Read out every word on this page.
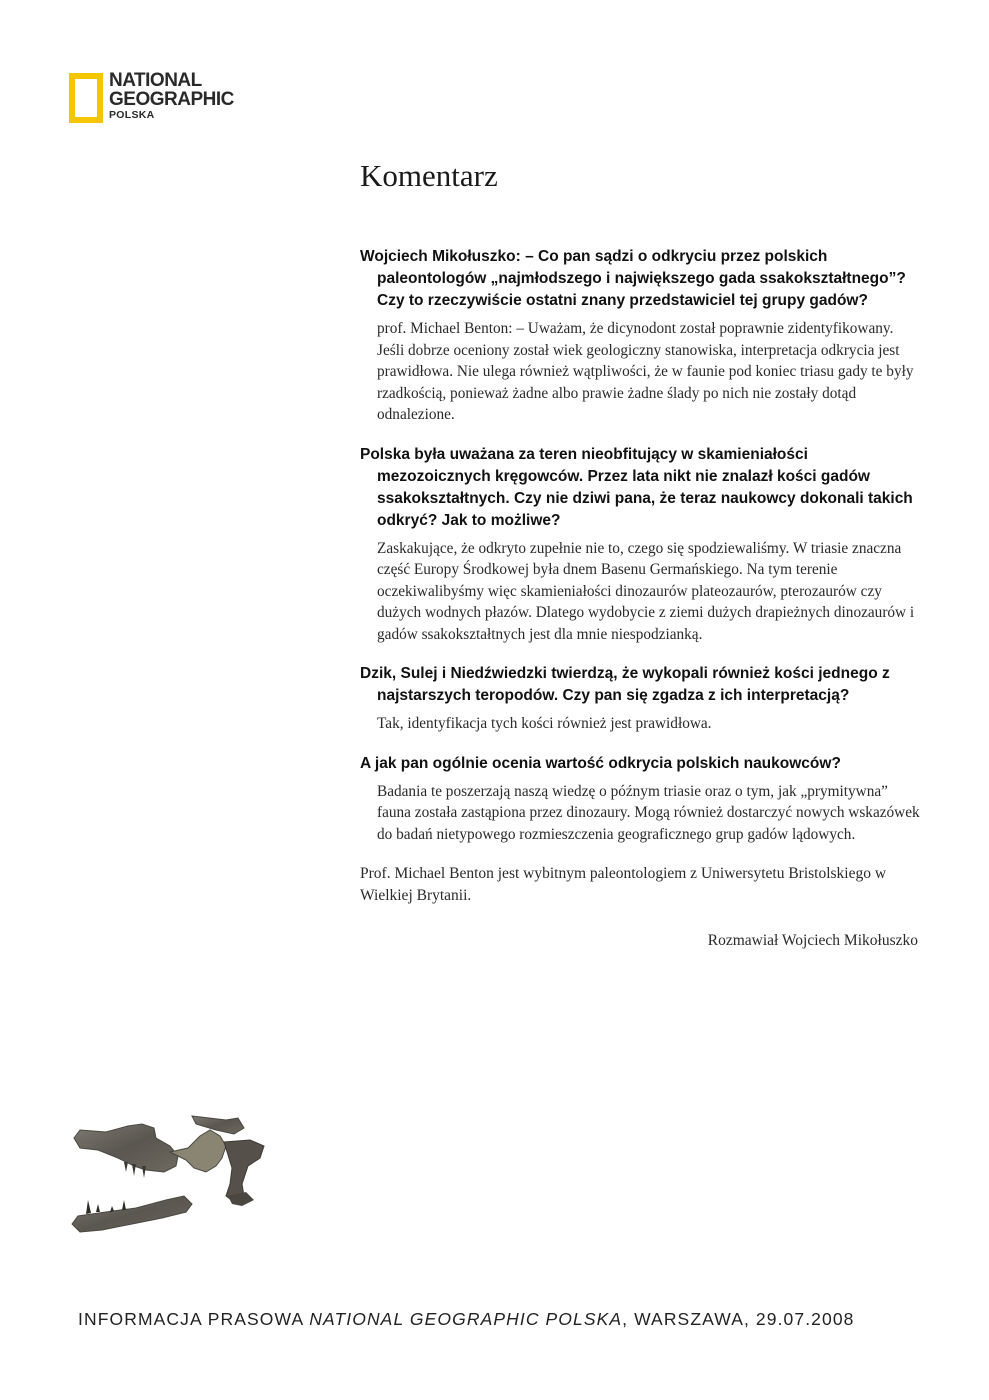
NATIONAL
GEOGRAPHIC
POLSKA
Komentarz

Wojciech Mikołuszko: – Co pan sądzi o odkryciu przez polskich paleontologów „najmłodszego i największego gada ssakokształtnego”? Czy to rzeczywiście ostatni znany przedstawiciel tej grupy gadów?

prof. Michael Benton: – Uważam, że dicynodont został poprawnie zidentyfikowany. Jeśli dobrze oceniony został wiek geologiczny stanowiska, interpretacja odkrycia jest prawidłowa. Nie ulega również wątpliwości, że w faunie pod koniec triasu gady te były rzadkością, ponieważ żadne albo prawie żadne ślady po nich nie zostały dotąd odnalezione.

Polska była uważana za teren nieobfitujący w skamieniałości mezozoicznych kręgowców. Przez lata nikt nie znalazł kości gadów ssakokształtnych. Czy nie dziwi pana, że teraz naukowcy dokonali takich odkryć? Jak to możliwe?

Zaskakujące, że odkryto zupełnie nie to, czego się spodziewaliśmy. W triasie znaczna część Europy Środkowej była dnem Basenu Germańskiego. Na tym terenie oczekiwalibyśmy więc skamieniałości dinozaurów plateozaurów, pterozaurów czy dużych wodnych płazów. Dlatego wydobycie z ziemi dużych drapieżnych dinozaurów i gadów ssakokształtnych jest dla mnie niespodzianką.

Dzik, Sulej i Niedźwiedzki twierdzą, że wykopali również kości jednego z najstarszych teropodów. Czy pan się zgadza z ich interpretacją?

Tak, identyfikacja tych kości również jest prawidłowa.

A jak pan ogólnie ocenia wartość odkrycia polskich naukowców?

Badania te poszerzają naszą wiedzę o późnym triasie oraz o tym, jak „prymitywna” fauna została zastąpiona przez dinozaury. Mogą również dostarczyć nowych wskazówek do badań nietypowego rozmieszczenia geograficznego grup gadów lądowych.

Prof. Michael Benton jest wybitnym paleontologiem z Uniwersytetu Bristolskiego w Wielkiej Brytanii.

Rozmawiał Wojciech Mikołuszko

INFORMACJA PRASOWA NATIONAL GEOGRAPHIC POLSKA, WARSZAWA, 29.07.2008
